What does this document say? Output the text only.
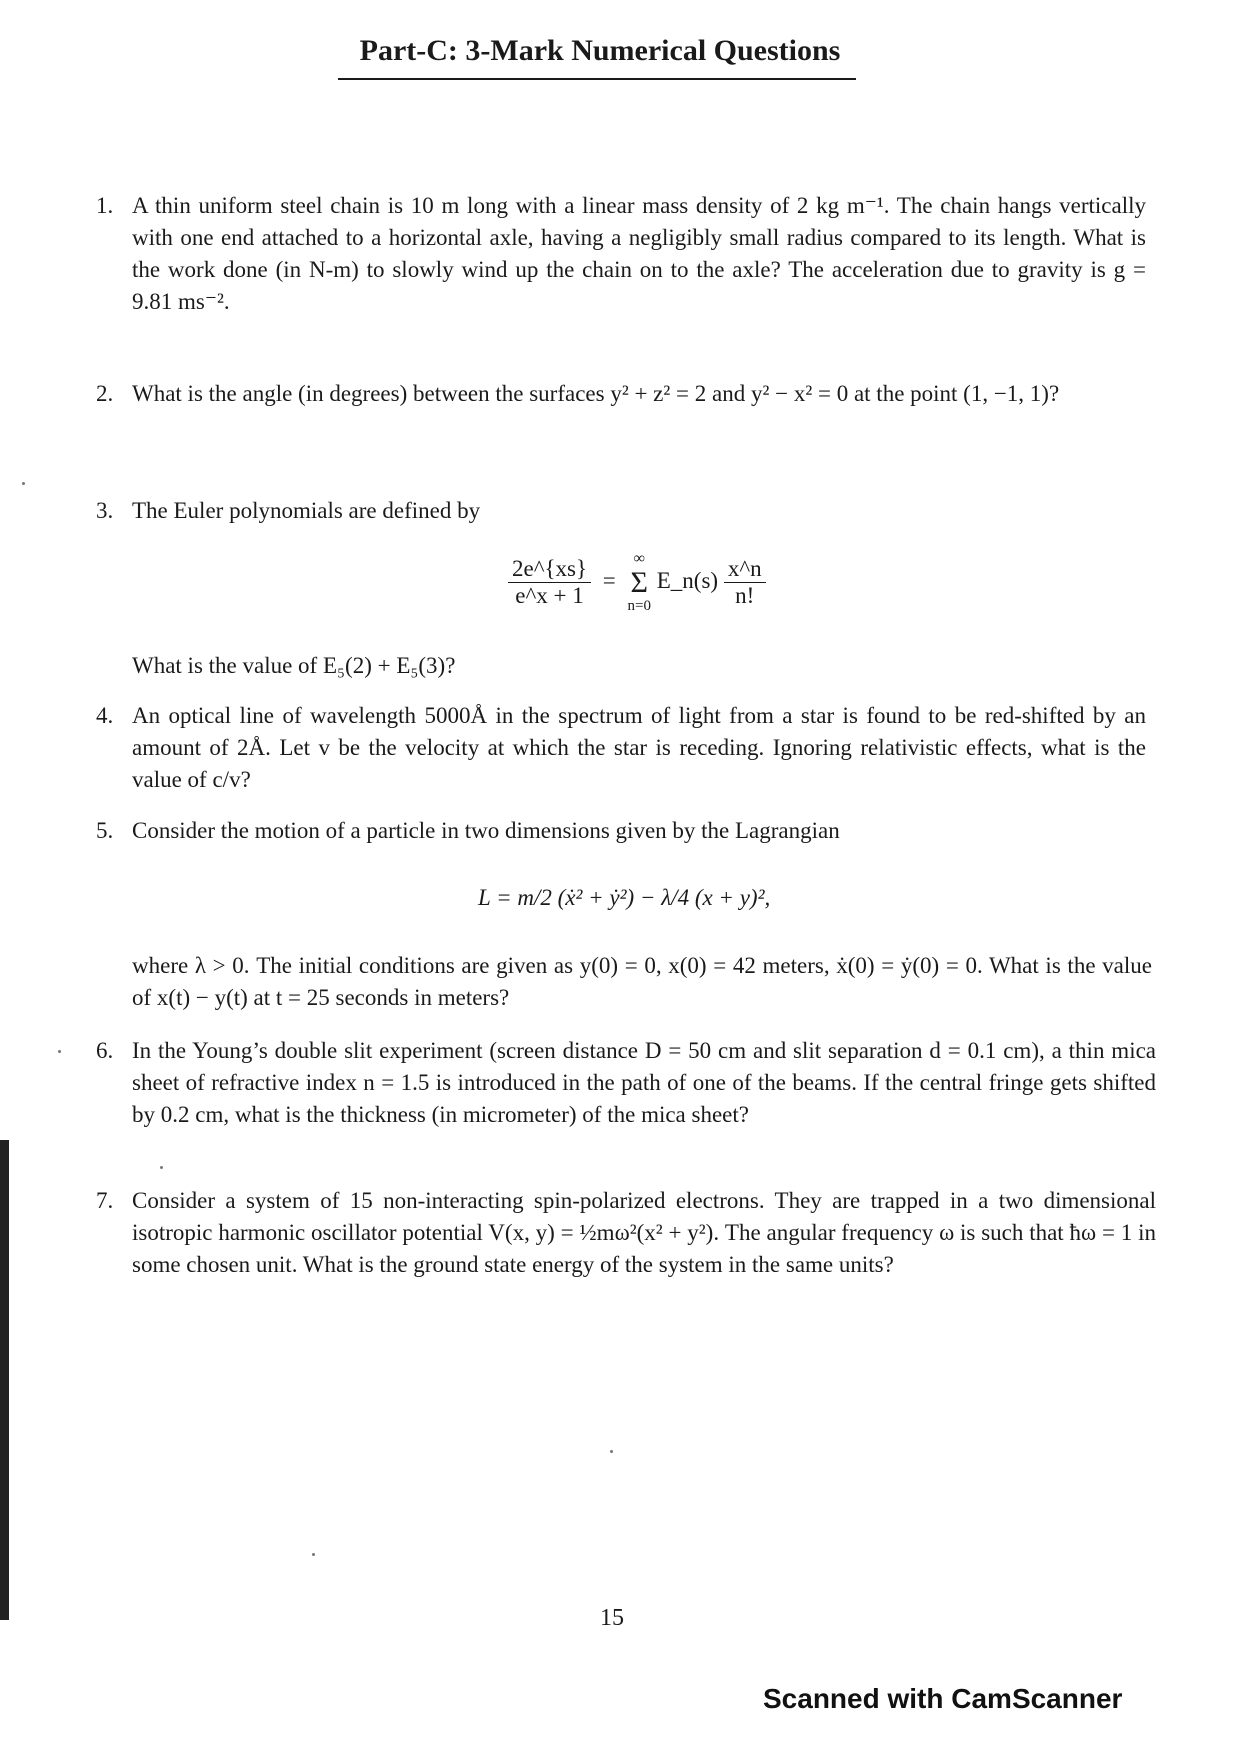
Part-C: 3-Mark Numerical Questions
1. A thin uniform steel chain is 10 m long with a linear mass density of 2 kg m⁻¹. The chain hangs vertically with one end attached to a horizontal axle, having a negligibly small radius compared to its length. What is the work done (in N-m) to slowly wind up the chain on to the axle? The acceleration due to gravity is g = 9.81 ms⁻².
2. What is the angle (in degrees) between the surfaces y² + z² = 2 and y² − x² = 0 at the point (1, −1, 1)?
3. The Euler polynomials are defined by
$\frac{2e\^{}\{xs\}}{e\^{}x + 1}$ =
∞
Σ
n=0
E_n(s) $\frac{x\^{}n}{n!}$
What is the value of E₅(2) + E₅(3)?
4. An optical line of wavelength 5000Å in the spectrum of light from a star is found to be red-shifted by an amount of 2Å. Let v be the velocity at which the star is receding. Ignoring relativistic effects, what is the value of c/v?
5. Consider the motion of a particle in two dimensions given by the Lagrangian
L = m/2 (ẋ² + ẏ²) − λ/4 (x + y)²,
where λ > 0. The initial conditions are given as y(0) = 0, x(0) = 42 meters, ẋ(0) = ẏ(0) = 0. What is the value of x(t) − y(t) at t = 25 seconds in meters?
6. In the Young’s double slit experiment (screen distance D = 50 cm and slit separation d = 0.1 cm), a thin mica sheet of refractive index n = 1.5 is introduced in the path of one of the beams. If the central fringe gets shifted by 0.2 cm, what is the thickness (in micrometer) of the mica sheet?
7. Consider a system of 15 non-interacting spin-polarized electrons. They are trapped in a two dimensional isotropic harmonic oscillator potential V(x, y) = ½mω²(x² + y²). The angular frequency ω is such that ħω = 1 in some chosen unit. What is the ground state energy of the system in the same units?
15
Scanned with CamScanner
